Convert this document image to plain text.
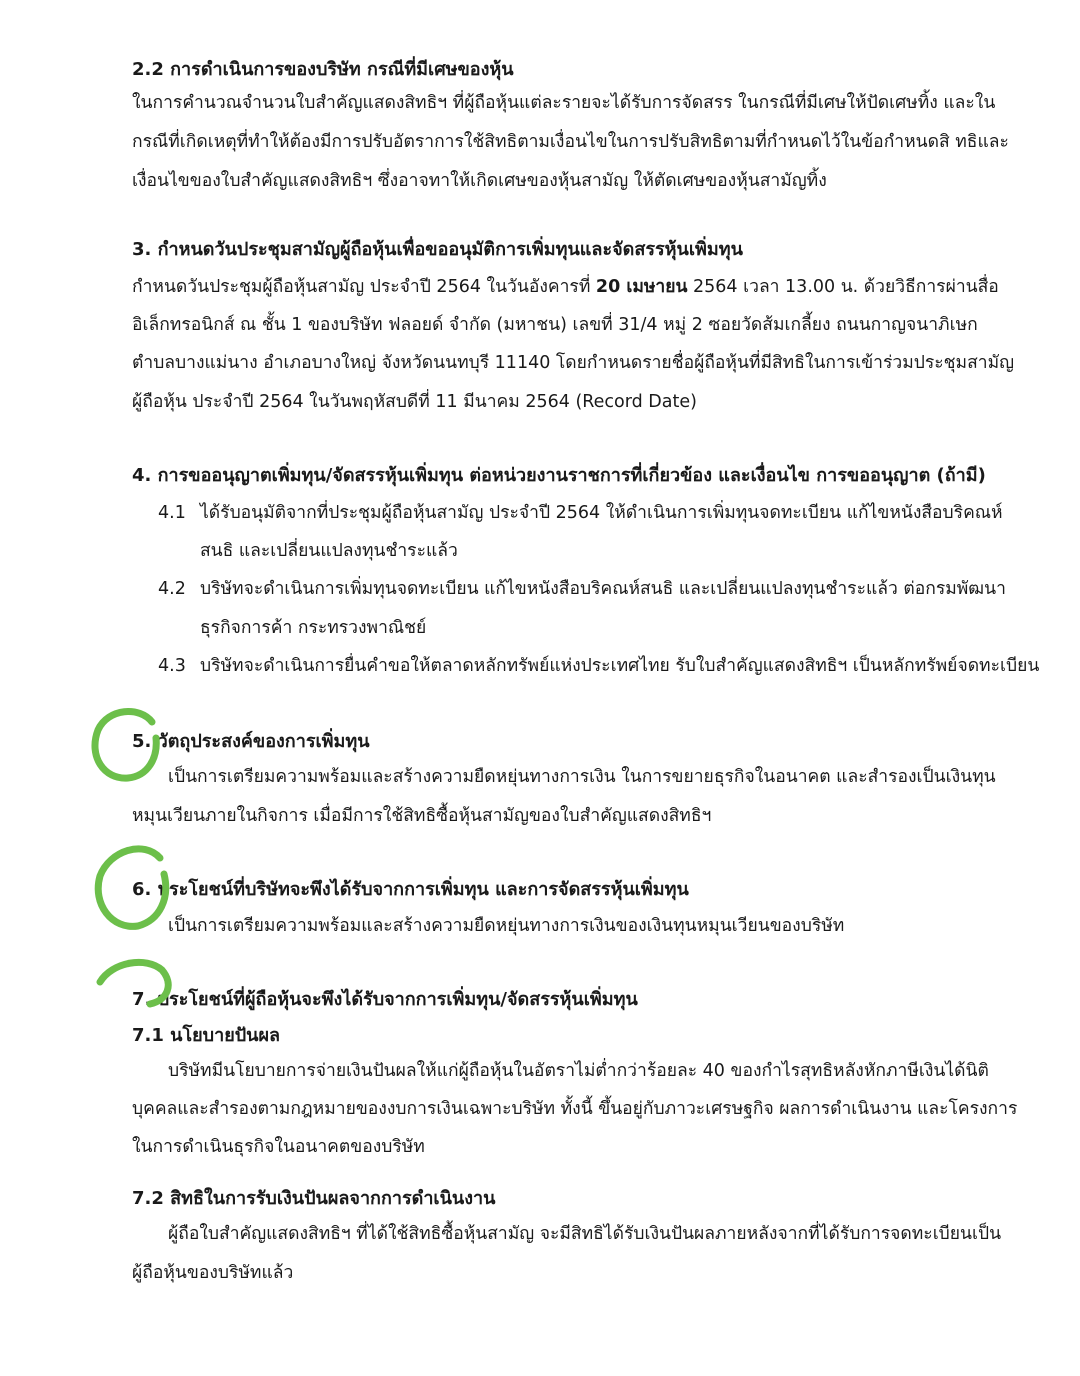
2.2 การดำเนินการของบริษัท กรณีที่มีเศษของหุ้น
ในการคำนวณจำนวนใบสำคัญแสดงสิทธิฯ ที่ผู้ถือหุ้นแต่ละรายจะได้รับการจัดสรร ในกรณีที่มีเศษให้ปัดเศษทิ้ง และใน
กรณีที่เกิดเหตุที่ทำให้ต้องมีการปรับอัตราการใช้สิทธิตามเงื่อนไขในการปรับสิทธิตามที่กำหนดไว้ในข้อกำหนดสิ ทธิและ
เงื่อนไขของใบสำคัญแสดงสิทธิฯ ซึ่งอาจทาให้เกิดเศษของหุ้นสามัญ ให้ตัดเศษของหุ้นสามัญทิ้ง
3. กำหนดวันประชุมสามัญผู้ถือหุ้นเพื่อขออนุมัติการเพิ่มทุนและจัดสรรหุ้นเพิ่มทุน
กำหนดวันประชุมผู้ถือหุ้นสามัญ ประจำปี 2564 ในวันอังคารที่ 20 เมษายน 2564 เวลา 13.00 น. ด้วยวิธีการผ่านสื่อ
อิเล็กทรอนิกส์ ณ ชั้น 1 ของบริษัท ฟลอยด์ จำกัด (มหาชน) เลขที่ 31/4 หมู่ 2 ซอยวัดส้มเกลี้ยง ถนนกาญจนาภิเษก
ตำบลบางแม่นาง อำเภอบางใหญ่ จังหวัดนนทบุรี 11140 โดยกำหนดรายชื่อผู้ถือหุ้นที่มีสิทธิในการเข้าร่วมประชุมสามัญ
ผู้ถือหุ้น ประจำปี 2564 ในวันพฤหัสบดีที่ 11 มีนาคม 2564 (Record Date)
4. การขออนุญาตเพิ่มทุน/จัดสรรหุ้นเพิ่มทุน ต่อหน่วยงานราชการที่เกี่ยวข้อง และเงื่อนไข การขออนุญาต (ถ้ามี)
4.1 ได้รับอนุมัติจากที่ประชุมผู้ถือหุ้นสามัญ ประจำปี 2564 ให้ดำเนินการเพิ่มทุนจดทะเบียน แก้ไขหนังสือบริคณห์
สนธิ และเปลี่ยนแปลงทุนชำระแล้ว
4.2 บริษัทจะดำเนินการเพิ่มทุนจดทะเบียน แก้ไขหนังสือบริคณห์สนธิ และเปลี่ยนแปลงทุนชำระแล้ว ต่อกรมพัฒนา
ธุรกิจการค้า กระทรวงพาณิชย์
4.3 บริษัทจะดำเนินการยื่นคำขอให้ตลาดหลักทรัพย์แห่งประเทศไทย รับใบสำคัญแสดงสิทธิฯ เป็นหลักทรัพย์จดทะเบียน
5. วัตถุประสงค์ของการเพิ่มทุน
เป็นการเตรียมความพร้อมและสร้างความยืดหยุ่นทางการเงิน ในการขยายธุรกิจในอนาคต และสำรองเป็นเงินทุน
หมุนเวียนภายในกิจการ เมื่อมีการใช้สิทธิซื้อหุ้นสามัญของใบสำคัญแสดงสิทธิฯ
6. ประโยชน์ที่บริษัทจะพึงได้รับจากการเพิ่มทุน และการจัดสรรหุ้นเพิ่มทุน
เป็นการเตรียมความพร้อมและสร้างความยืดหยุ่นทางการเงินของเงินทุนหมุนเวียนของบริษัท
7. ประโยชน์ที่ผู้ถือหุ้นจะพึงได้รับจากการเพิ่มทุน/จัดสรรหุ้นเพิ่มทุน
7.1 นโยบายปันผล
บริษัทมีนโยบายการจ่ายเงินปันผลให้แก่ผู้ถือหุ้นในอัตราไม่ต่ำกว่าร้อยละ 40 ของกำไรสุทธิหลังหักภาษีเงินได้นิติ
บุคคลและสำรองตามกฎหมายของงบการเงินเฉพาะบริษัท ทั้งนี้ ขึ้นอยู่กับภาวะเศรษฐกิจ ผลการดำเนินงาน และโครงการ
ในการดำเนินธุรกิจในอนาคตของบริษัท
7.2 สิทธิในการรับเงินปันผลจากการดำเนินงาน
ผู้ถือใบสำคัญแสดงสิทธิฯ ที่ได้ใช้สิทธิซื้อหุ้นสามัญ จะมีสิทธิได้รับเงินปันผลภายหลังจากที่ได้รับการจดทะเบียนเป็น
ผู้ถือหุ้นของบริษัทแล้ว
